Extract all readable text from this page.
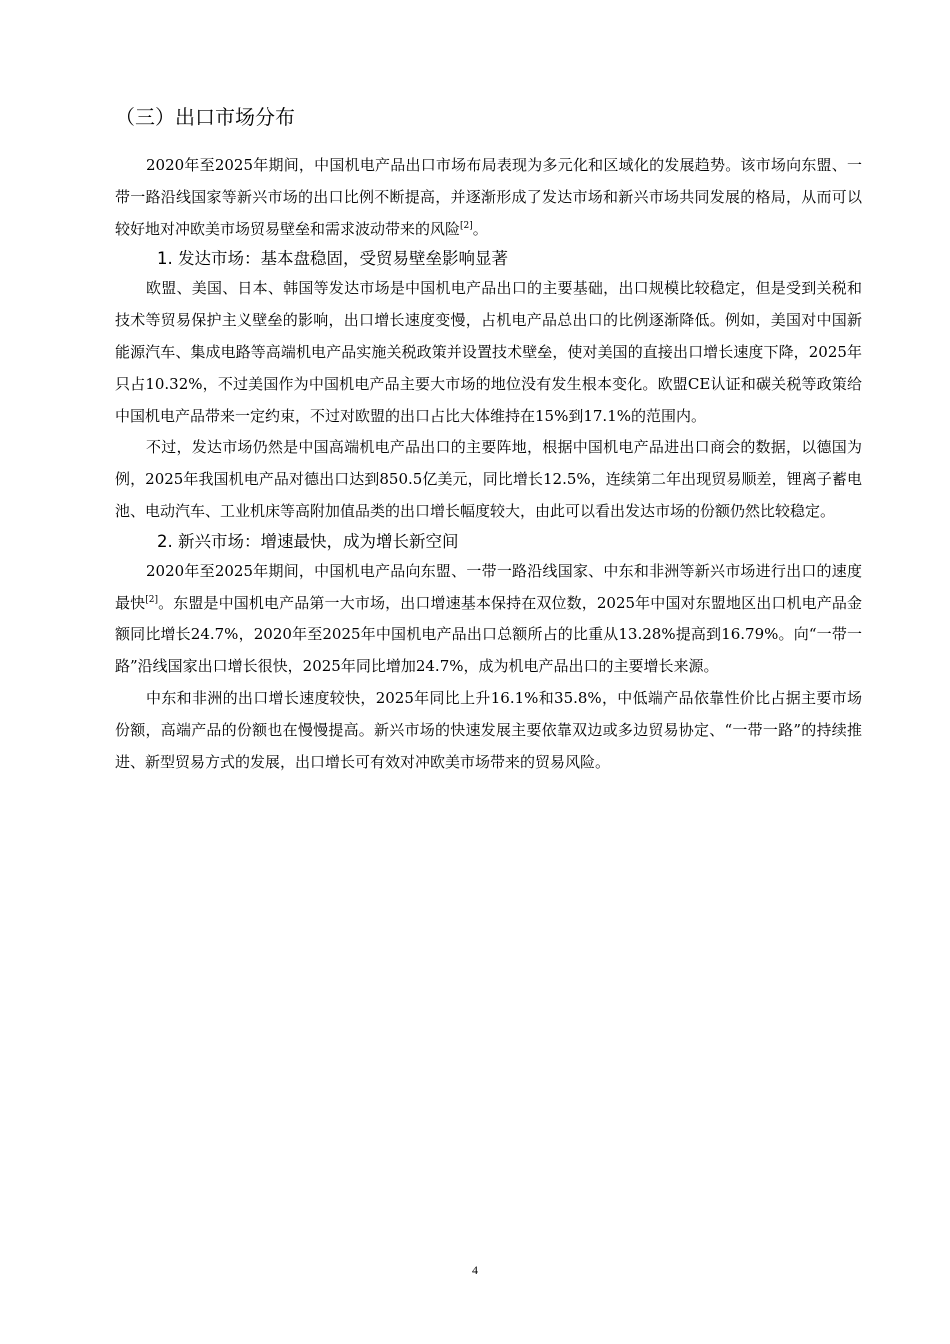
（三）出口市场分布

2020年至2025年期间，中国机电产品出口市场布局表现为多元化和区域化的发展趋势。该市场向东盟、一带一路沿线国家等新兴市场的出口比例不断提高，并逐渐形成了发达市场和新兴市场共同发展的格局，从而可以较好地对冲欧美市场贸易壁垒和需求波动带来的风险[2]。

1. 发达市场：基本盘稳固，受贸易壁垒影响显著

欧盟、美国、日本、韩国等发达市场是中国机电产品出口的主要基础，出口规模比较稳定，但是受到关税和技术等贸易保护主义壁垒的影响，出口增长速度变慢，占机电产品总出口的比例逐渐降低。例如，美国对中国新能源汽车、集成电路等高端机电产品实施关税政策并设置技术壁垒，使对美国的直接出口增长速度下降，2025年只占10.32%，不过美国作为中国机电产品主要大市场的地位没有发生根本变化。欧盟CE认证和碳关税等政策给中国机电产品带来一定约束，不过对欧盟的出口占比大体维持在15%到17.1%的范围内。

不过，发达市场仍然是中国高端机电产品出口的主要阵地，根据中国机电产品进出口商会的数据，以德国为例，2025年我国机电产品对德出口达到850.5亿美元，同比增长12.5%，连续第二年出现贸易顺差，锂离子蓄电池、电动汽车、工业机床等高附加值品类的出口增长幅度较大，由此可以看出发达市场的份额仍然比较稳定。

2. 新兴市场：增速最快，成为增长新空间

2020年至2025年期间，中国机电产品向东盟、一带一路沿线国家、中东和非洲等新兴市场进行出口的速度最快[2]。东盟是中国机电产品第一大市场，出口增速基本保持在双位数，2025年中国对东盟地区出口机电产品金额同比增长24.7%，2020年至2025年中国机电产品出口总额所占的比重从13.28%提高到16.79%。向“一带一路”沿线国家出口增长很快，2025年同比增加24.7%，成为机电产品出口的主要增长来源。

中东和非洲的出口增长速度较快，2025年同比上升16.1%和35.8%，中低端产品依靠性价比占据主要市场份额，高端产品的份额也在慢慢提高。新兴市场的快速发展主要依靠双边或多边贸易协定、“一带一路”的持续推进、新型贸易方式的发展，出口增长可有效对冲欧美市场带来的贸易风险。

4
